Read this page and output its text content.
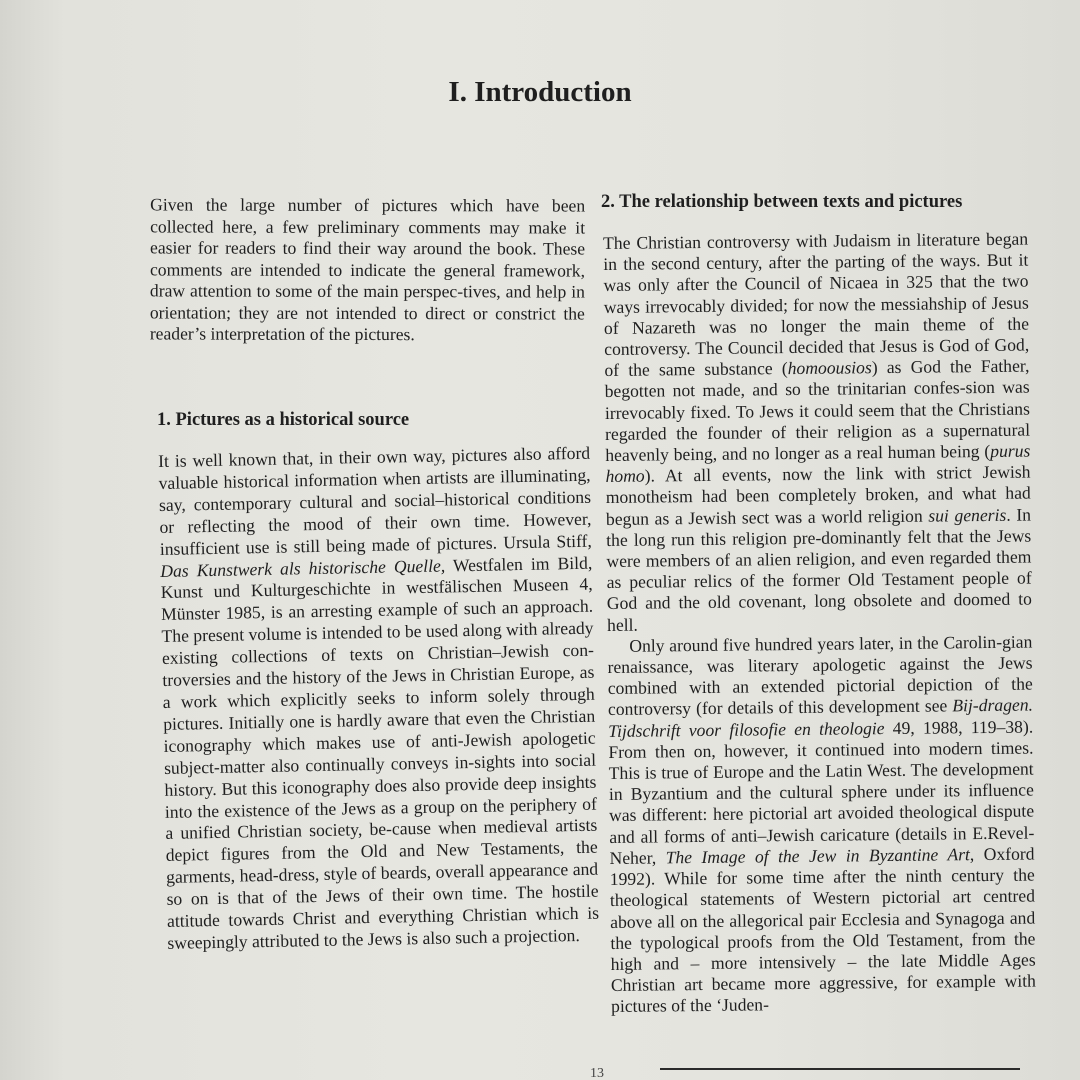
I. Introduction

Given the large number of pictures which have been collected here, a few preliminary comments may make it easier for readers to find their way around the book. These comments are intended to indicate the general framework, draw attention to some of the main perspec-tives, and help in orientation; they are not intended to direct or constrict the reader’s interpretation of the pictures.

1. Pictures as a historical source

It is well known that, in their own way, pictures also afford valuable historical information when artists are illuminating, say, contemporary cultural and social–historical conditions or reflecting the mood of their own time. However, insufficient use is still being made of pictures. Ursula Stiff, Das Kunstwerk als historische Quelle, Westfalen im Bild, Kunst und Kulturgeschichte in westfälischen Museen 4, Münster 1985, is an arresting example of such an approach. The present volume is intended to be used along with already existing collections of texts on Christian–Jewish con-troversies and the history of the Jews in Christian Europe, as a work which explicitly seeks to inform solely through pictures. Initially one is hardly aware that even the Christian iconography which makes use of anti-Jewish apologetic subject-matter also continually conveys in-sights into social history. But this iconography does also provide deep insights into the existence of the Jews as a group on the periphery of a unified Christian society, be-cause when medieval artists depict figures from the Old and New Testaments, the garments, head-dress, style of beards, overall appearance and so on is that of the Jews of their own time. The hostile attitude towards Christ and everything Christian which is sweepingly attributed to the Jews is also such a projection.

2. The relationship between texts and pictures

The Christian controversy with Judaism in literature began in the second century, after the parting of the ways. But it was only after the Council of Nicaea in 325 that the two ways irrevocably divided; for now the messiahship of Jesus of Nazareth was no longer the main theme of the controversy. The Council decided that Jesus is God of God, of the same substance (homoousios) as God the Father, begotten not made, and so the trinitarian confes-sion was irrevocably fixed. To Jews it could seem that the Christians regarded the founder of their religion as a supernatural heavenly being, and no longer as a real human being (purus homo). At all events, now the link with strict Jewish monotheism had been completely broken, and what had begun as a Jewish sect was a world religion sui generis. In the long run this religion pre-dominantly felt that the Jews were members of an alien religion, and even regarded them as peculiar relics of the former Old Testament people of God and the old covenant, long obsolete and doomed to hell.

Only around five hundred years later, in the Carolin-gian renaissance, was literary apologetic against the Jews combined with an extended pictorial depiction of the controversy (for details of this development see Bij-dragen. Tijdschrift voor filosofie en theologie 49, 1988, 119–38). From then on, however, it continued into modern times. This is true of Europe and the Latin West. The development in Byzantium and the cultural sphere under its influence was different: here pictorial art avoided theological dispute and all forms of anti–Jewish caricature (details in E.Revel-Neher, The Image of the Jew in Byzantine Art, Oxford 1992). While for some time after the ninth century the theological statements of Western pictorial art centred above all on the allegorical pair Ecclesia and Synagoga and the typological proofs from the Old Testament, from the high and – more intensively – the late Middle Ages Christian art became more aggressive, for example with pictures of the ‘Juden-

13
